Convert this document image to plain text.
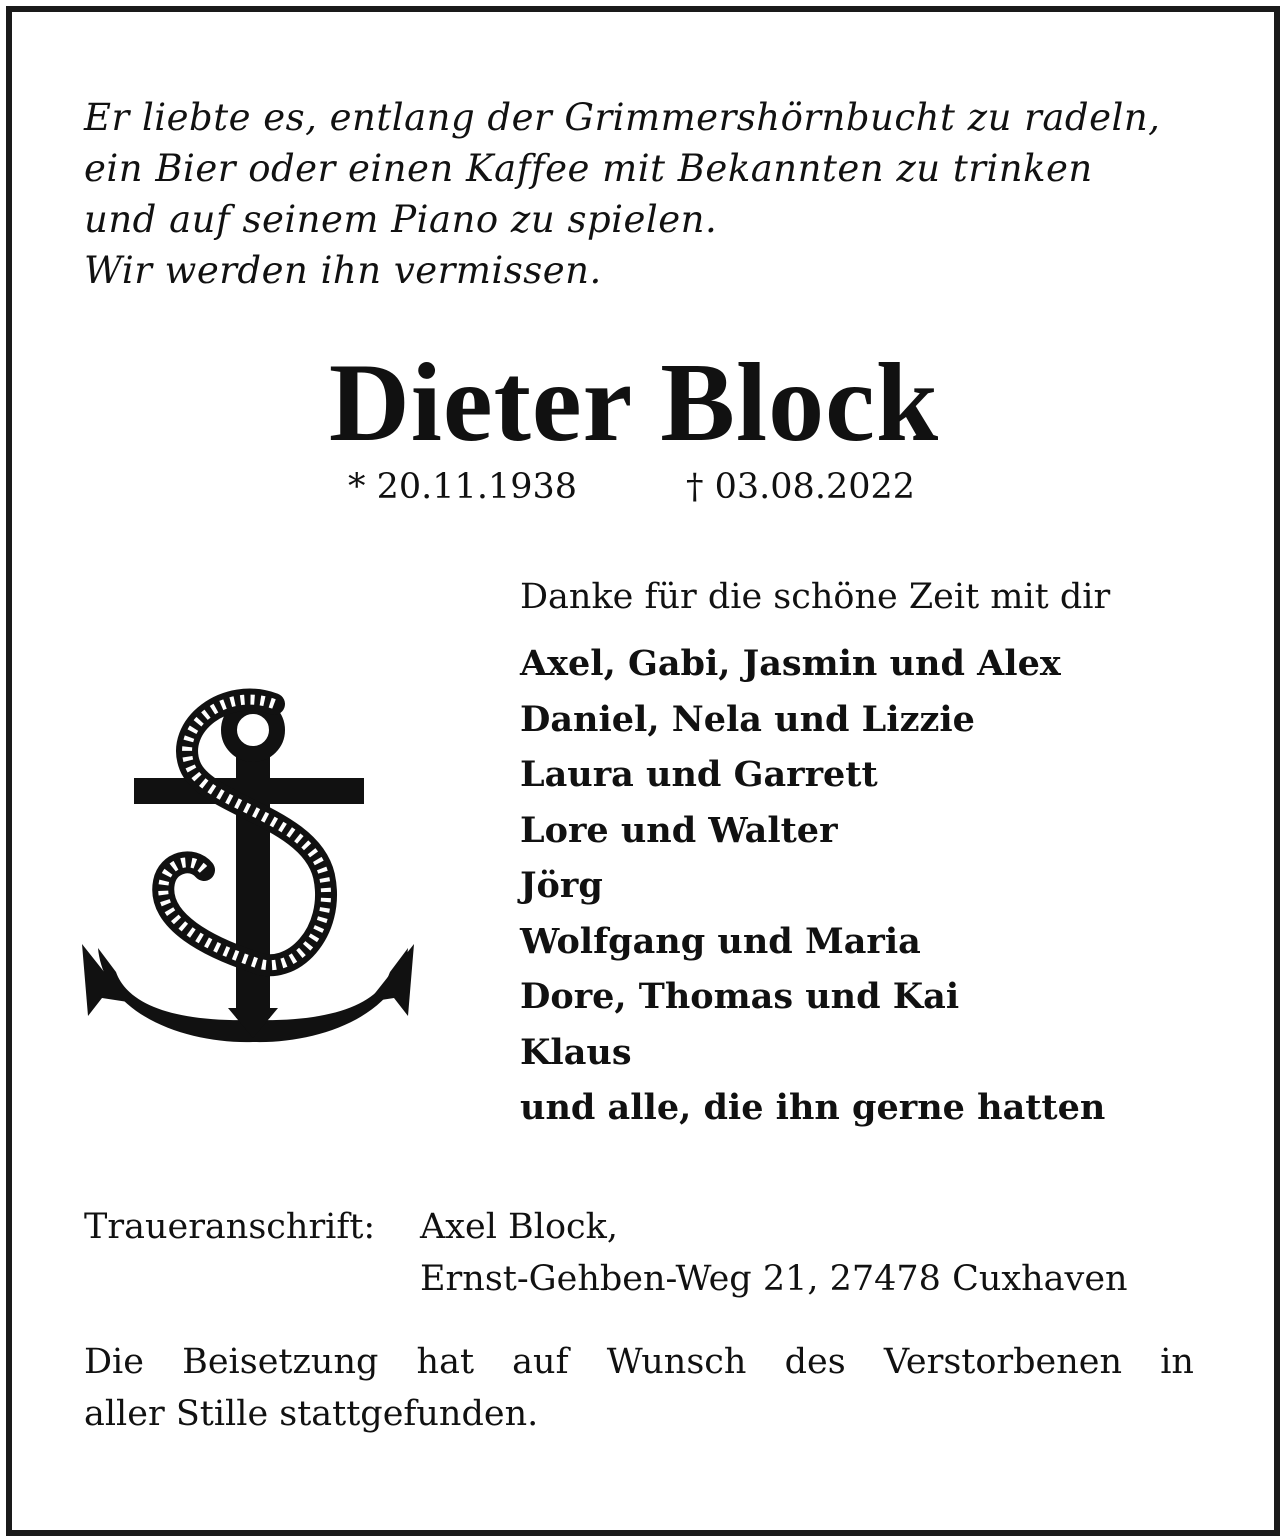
Er liebte es, entlang der Grimmershörnbucht zu radeln,
ein Bier oder einen Kaffee mit Bekannten zu trinken
und auf seinem Piano zu spielen.
Wir werden ihn vermissen.
Dieter Block
* 20.11.1938	† 03.08.2022
Danke für die schöne Zeit mit dir
Axel, Gabi, Jasmin und Alex
Daniel, Nela und Lizzie
Laura und Garrett
Lore und Walter
Jörg
Wolfgang und Maria
Dore, Thomas und Kai
Klaus
und alle, die ihn gerne hatten
Traueranschrift: Axel Block,
Ernst-Gehben-Weg 21, 27478 Cuxhaven
Die Beisetzung hat auf Wunsch des Verstorbenen in
aller Stille stattgefunden.
